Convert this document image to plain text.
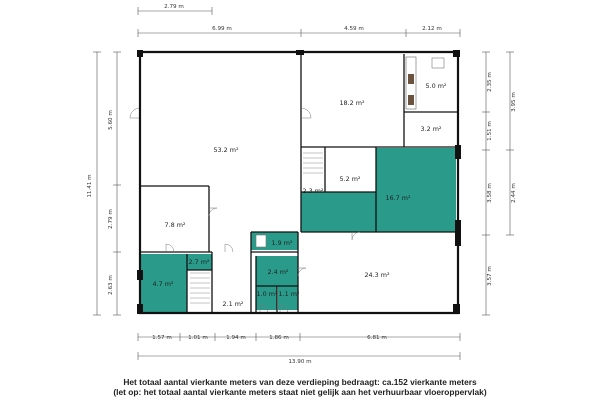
2.79 m
6.99 m	4.59 m	2.12 m
11.41 m
5.60 m
2.79 m
2.63 m
2.35 m
1.51 m
3.58 m
3.57 m
3.95 m
2.44 m
1.57 m	1.01 m	1.94 m	1.86 m	6.81 m
13.90 m
53.2 m²
18.2 m²
5.0 m²
3.2 m²
5.2 m²
2.3 m²
16.7 m²
7.8 m²
1.9 m²
4.7 m²
2.7 m²
2.4 m²
2.1 m²
1.0 m² 1.1 m²
24.3 m²
Het totaal aantal vierkante meters van deze verdieping bedraagt: ca.152 vierkante meters
(let op: het totaal aantal vierkante meters staat niet gelijk aan het verhuurbaar vloeroppervlak)
